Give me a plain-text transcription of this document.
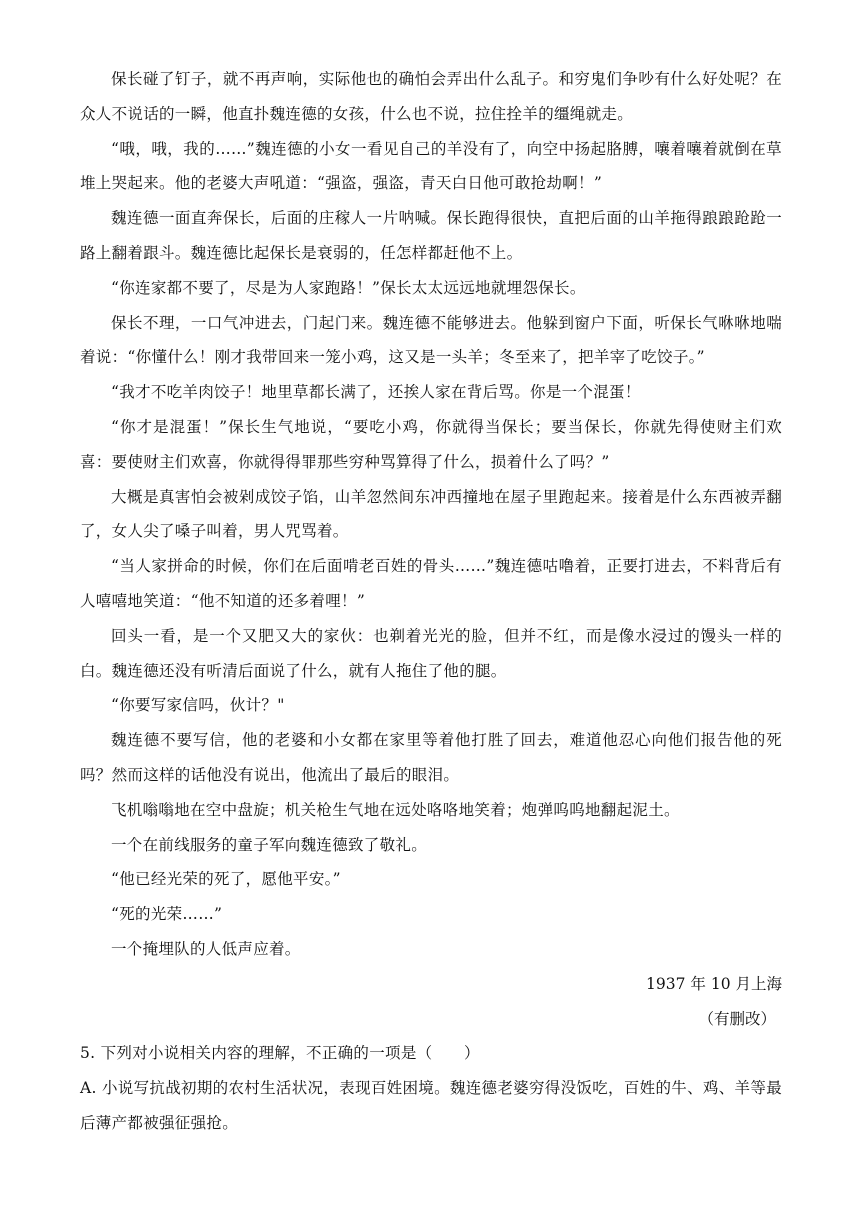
保长碰了钉子，就不再声响，实际他也的确怕会弄出什么乱子。和穷鬼们争吵有什么好处呢？在众人不说话的一瞬，他直扑魏连德的女孩，什么也不说，拉住拴羊的缰绳就走。

“哦，哦，我的……”魏连德的小女一看见自己的羊没有了，向空中扬起胳膊，嚷着嚷着就倒在草堆上哭起来。他的老婆大声吼道：“强盗，强盗，青天白日他可敢抢劫啊！”

魏连德一面直奔保长，后面的庄稼人一片呐喊。保长跑得很快，直把后面的山羊拖得踉踉跄跄一路上翻着跟斗。魏连德比起保长是衰弱的，任怎样都赶他不上。

“你连家都不要了，尽是为人家跑路！”保长太太远远地就埋怨保长。

保长不理，一口气冲进去，门起门来。魏连德不能够进去。他躲到窗户下面，听保长气咻咻地喘着说：“你懂什么！刚才我带回来一笼小鸡，这又是一头羊；冬至来了，把羊宰了吃饺子。”

“我才不吃羊肉饺子！地里草都长满了，还挨人家在背后骂。你是一个混蛋！

“你才是混蛋！”保长生气地说，“要吃小鸡，你就得当保长；要当保长，你就先得使财主们欢喜：要使财主们欢喜，你就得得罪那些穷种骂算得了什么，损着什么了吗？”

大概是真害怕会被剁成饺子馅，山羊忽然间东冲西撞地在屋子里跑起来。接着是什么东西被弄翻了，女人尖了嗓子叫着，男人咒骂着。

“当人家拼命的时候，你们在后面啃老百姓的骨头……”魏连德咕噜着，正要打进去，不料背后有人嘻嘻地笑道：“他不知道的还多着哩！”

回头一看，是一个又肥又大的家伙：也剃着光光的脸，但并不红，而是像水浸过的馒头一样的白。魏连德还没有听清后面说了什么，就有人拖住了他的腿。

“你要写家信吗，伙计？"

魏连德不要写信，他的老婆和小女都在家里等着他打胜了回去，难道他忍心向他们报告他的死吗？然而这样的话他没有说出，他流出了最后的眼泪。

飞机嗡嗡地在空中盘旋；机关枪生气地在远处咯咯地笑着；炮弹呜呜地翻起泥土。

一个在前线服务的童子军向魏连德致了敬礼。

“他已经光荣的死了，愿他平安。”

“死的光荣……”

一个掩埋队的人低声应着。

1937 年 10 月上海

（有删改）

5. 下列对小说相关内容的理解，不正确的一项是（　　）

A. 小说写抗战初期的农村生活状况，表现百姓困境。魏连德老婆穷得没饭吃，百姓的牛、鸡、羊等最后薄产都被强征强抢。
